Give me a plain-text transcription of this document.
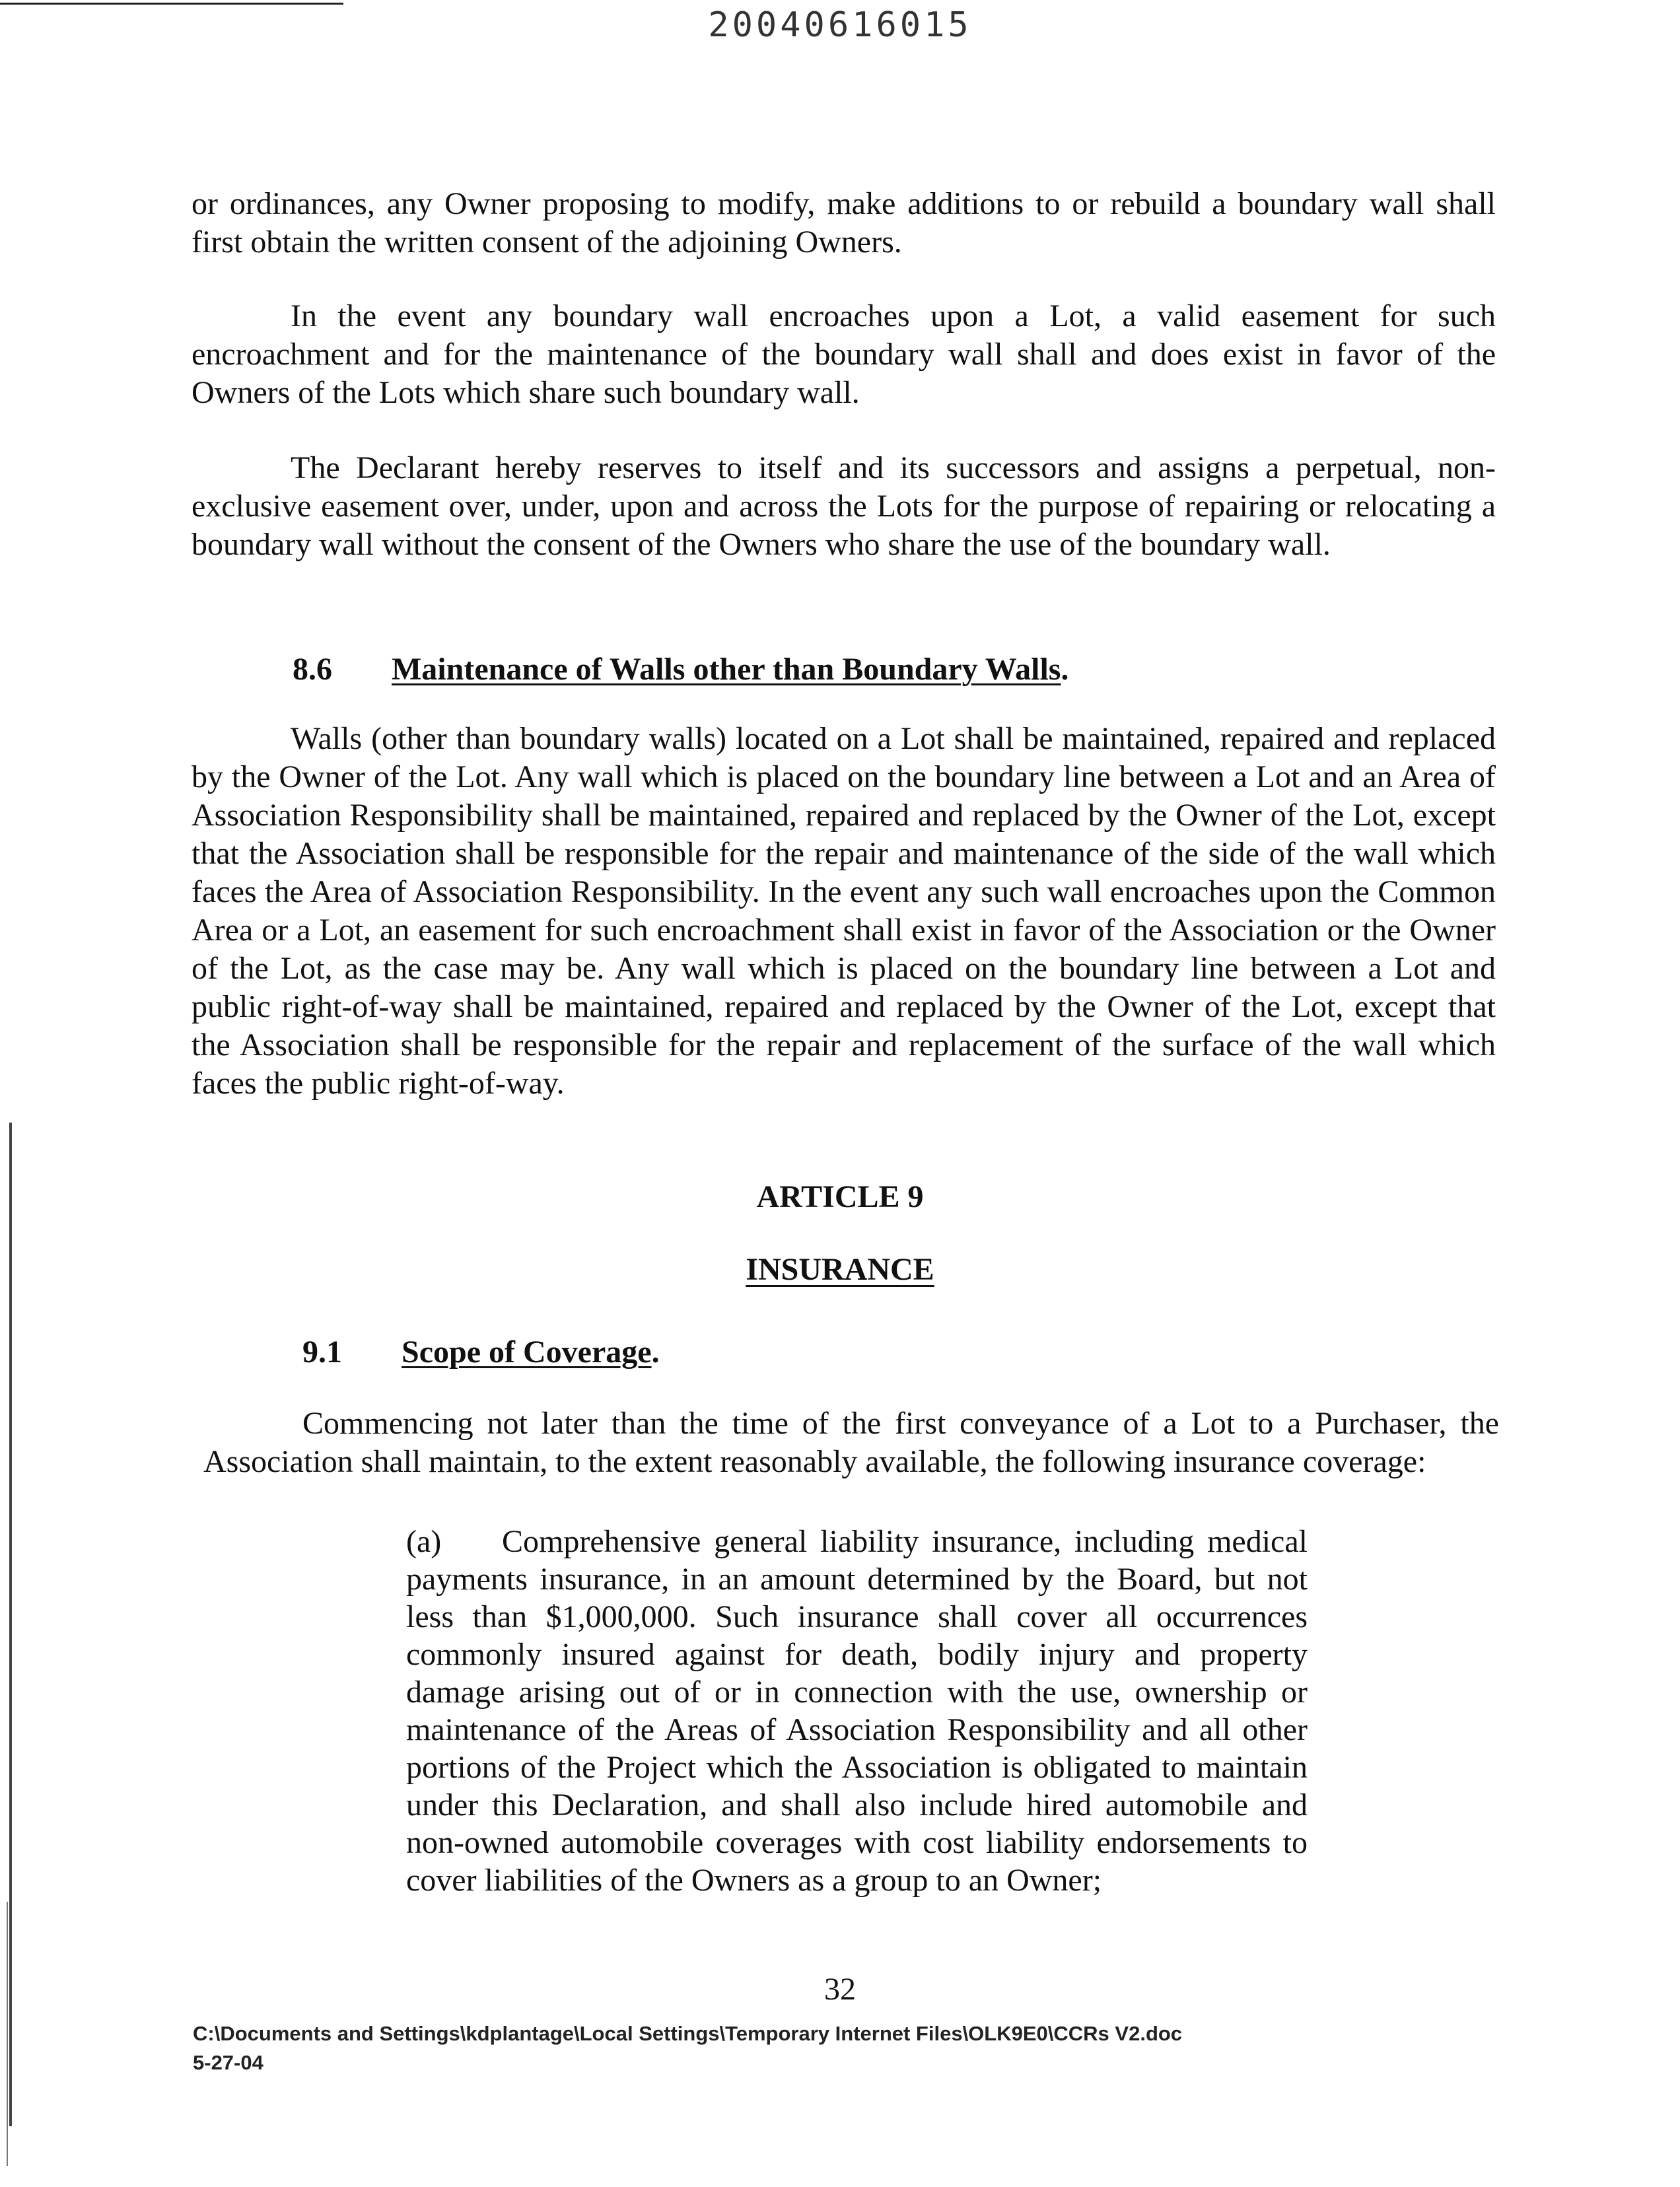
20040616015

or ordinances, any Owner proposing to modify, make additions to or rebuild a boundary wall shall first obtain the written consent of the adjoining Owners.

In the event any boundary wall encroaches upon a Lot, a valid easement for such encroachment and for the maintenance of the boundary wall shall and does exist in favor of the Owners of the Lots which share such boundary wall.

The Declarant hereby reserves to itself and its successors and assigns a perpetual, non-exclusive easement over, under, upon and across the Lots for the purpose of repairing or relocating a boundary wall without the consent of the Owners who share the use of the boundary wall.

8.6 Maintenance of Walls other than Boundary Walls.

Walls (other than boundary walls) located on a Lot shall be maintained, repaired and replaced by the Owner of the Lot. Any wall which is placed on the boundary line between a Lot and an Area of Association Responsibility shall be maintained, repaired and replaced by the Owner of the Lot, except that the Association shall be responsible for the repair and maintenance of the side of the wall which faces the Area of Association Responsibility. In the event any such wall encroaches upon the Common Area or a Lot, an easement for such encroachment shall exist in favor of the Association or the Owner of the Lot, as the case may be. Any wall which is placed on the boundary line between a Lot and public right-of-way shall be maintained, repaired and replaced by the Owner of the Lot, except that the Association shall be responsible for the repair and replacement of the surface of the wall which faces the public right-of-way.

ARTICLE 9
INSURANCE
9.1 Scope of Coverage.

Commencing not later than the time of the first conveyance of a Lot to a Purchaser, the Association shall maintain, to the extent reasonably available, the following insurance coverage:

(a) Comprehensive general liability insurance, including medical payments insurance, in an amount determined by the Board, but not less than $1,000,000. Such insurance shall cover all occurrences commonly insured against for death, bodily injury and property damage arising out of or in connection with the use, ownership or maintenance of the Areas of Association Responsibility and all other portions of the Project which the Association is obligated to maintain under this Declaration, and shall also include hired automobile and non-owned automobile coverages with cost liability endorsements to cover liabilities of the Owners as a group to an Owner;

32
C:\Documents and Settings\kdplantage\Local Settings\Temporary Internet Files\OLK9E0\CCRs V2.doc
5-27-04
